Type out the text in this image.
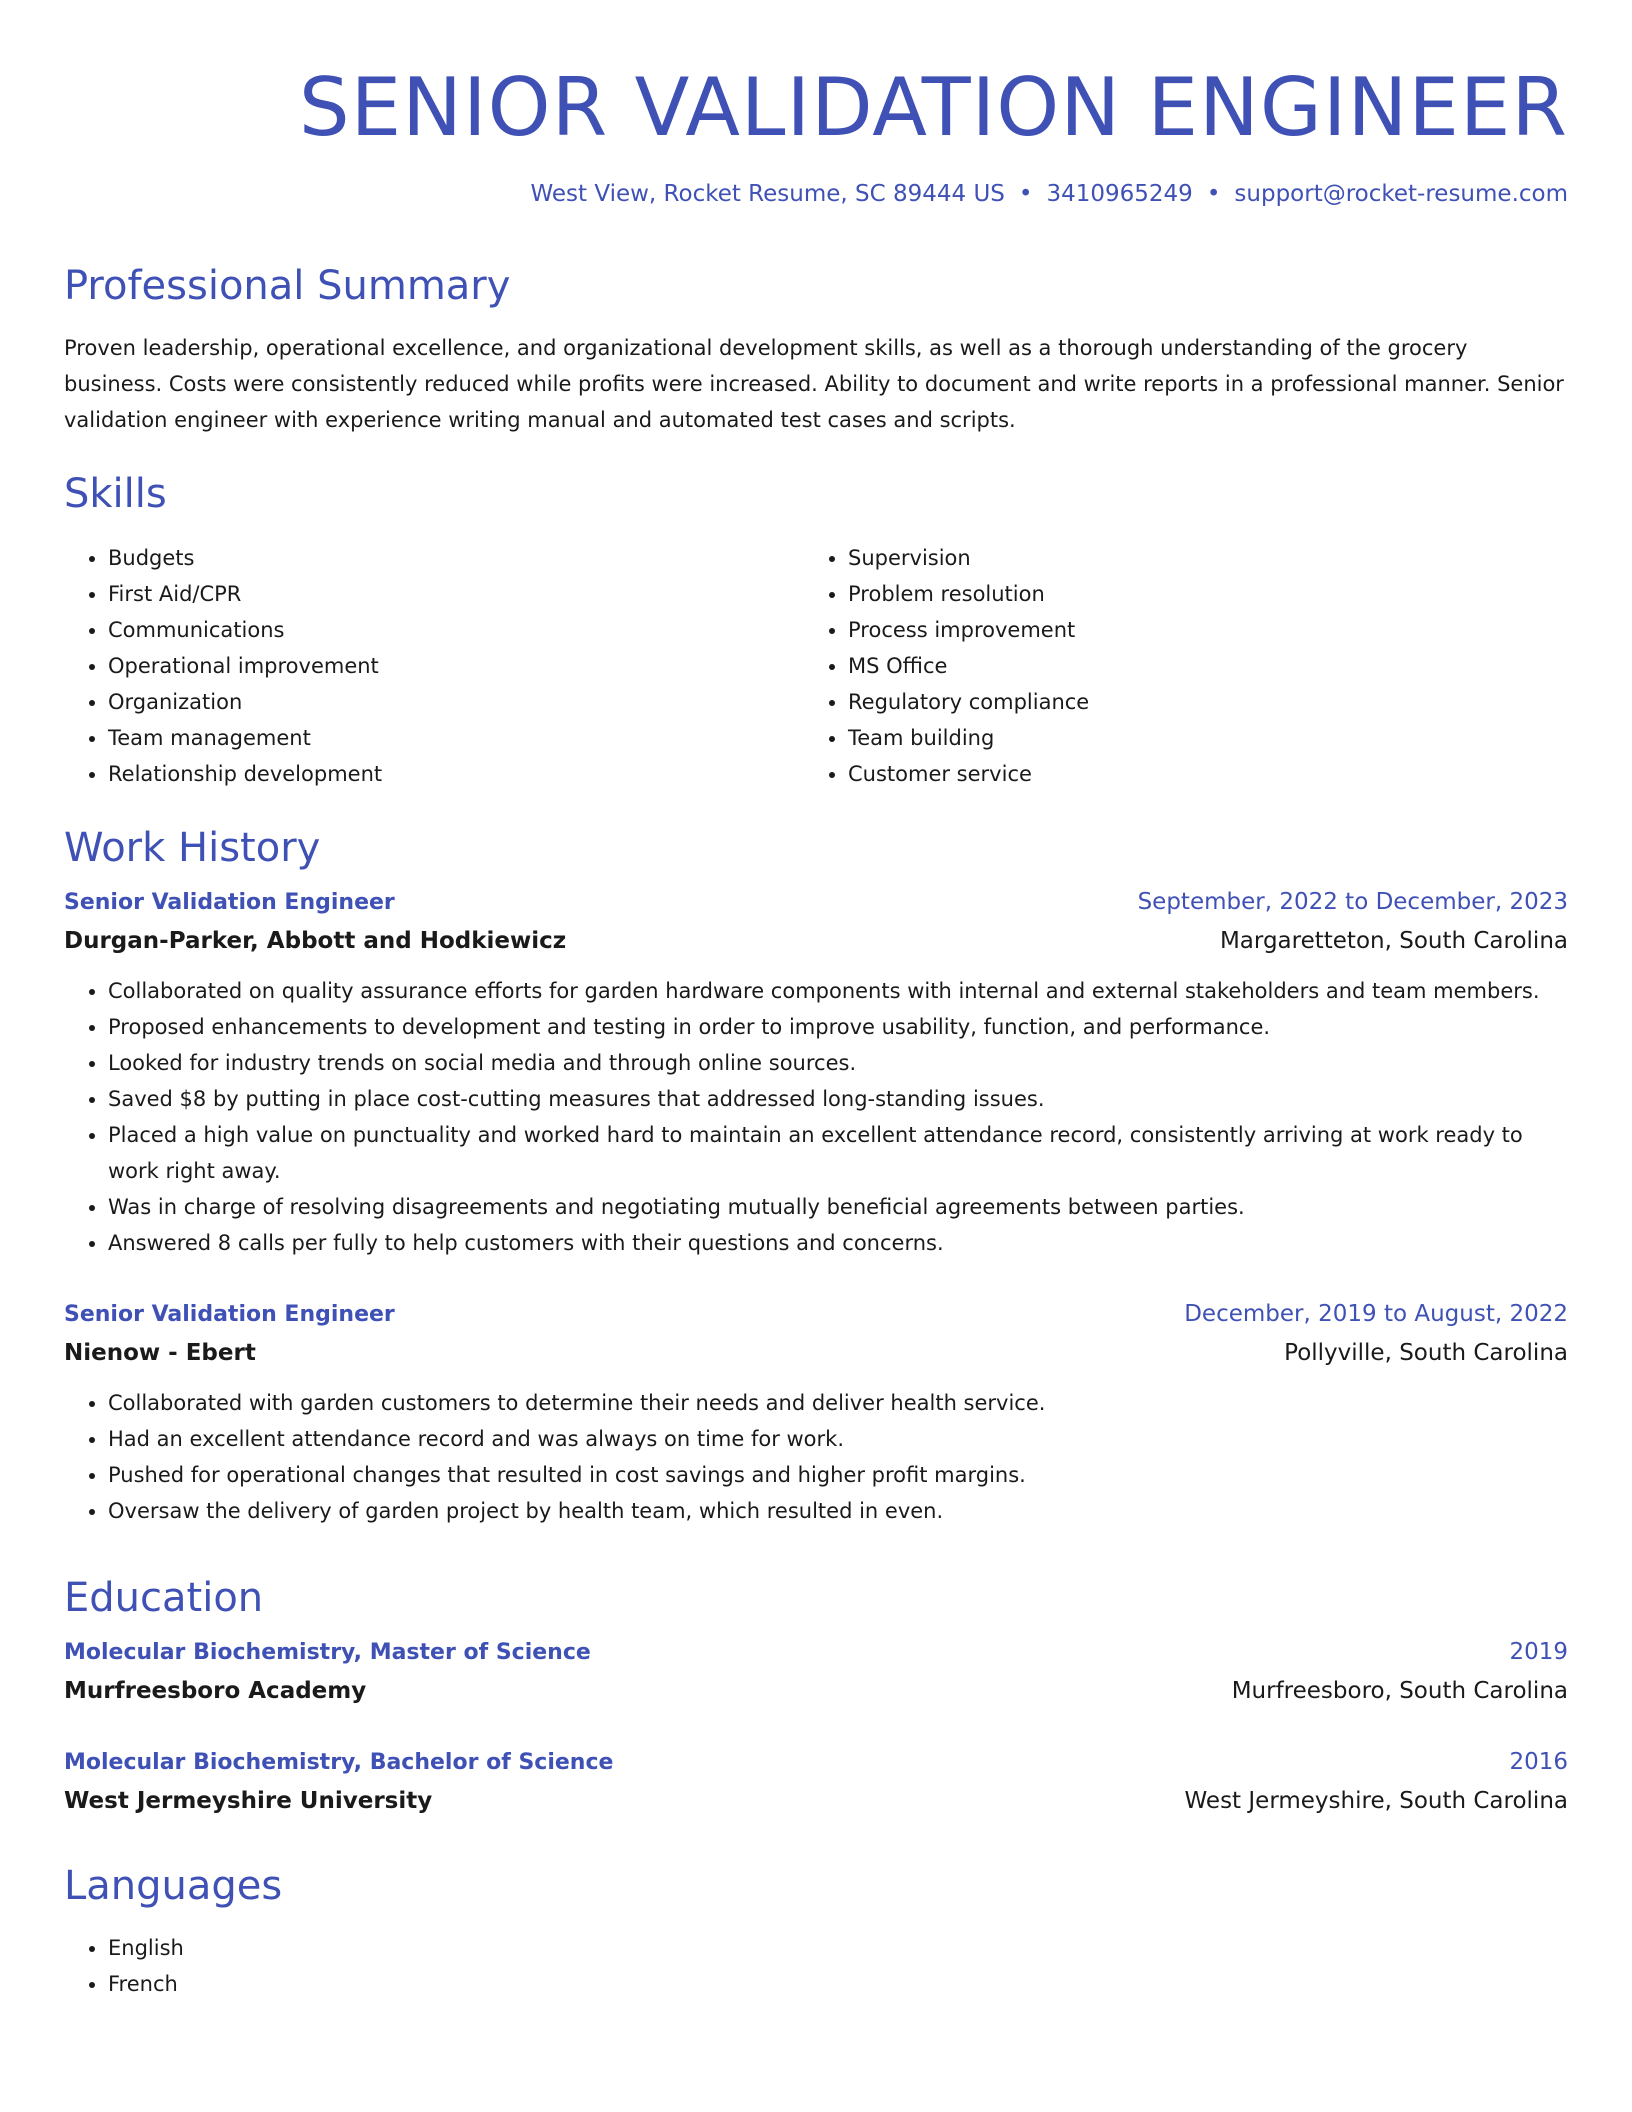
SENIOR VALIDATION ENGINEER
West View, Rocket Resume, SC 89444 US • 3410965249 • support@rocket-resume.com
Professional Summary
Proven leadership, operational excellence, and organizational development skills, as well as a thorough understanding of the grocery business. Costs were consistently reduced while profits were increased. Ability to document and write reports in a professional manner. Senior validation engineer with experience writing manual and automated test cases and scripts.
Skills
• Budgets
• First Aid/CPR
• Communications
• Operational improvement
• Organization
• Team management
• Relationship development
• Supervision
• Problem resolution
• Process improvement
• MS Office
• Regulatory compliance
• Team building
• Customer service
Work History
Senior Validation Engineer	September, 2022 to December, 2023
Durgan-Parker, Abbott and Hodkiewicz	Margaretteton, South Carolina
• Collaborated on quality assurance efforts for garden hardware components with internal and external stakeholders and team members.
• Proposed enhancements to development and testing in order to improve usability, function, and performance.
• Looked for industry trends on social media and through online sources.
• Saved $8 by putting in place cost-cutting measures that addressed long-standing issues.
• Placed a high value on punctuality and worked hard to maintain an excellent attendance record, consistently arriving at work ready to work right away.
• Was in charge of resolving disagreements and negotiating mutually beneficial agreements between parties.
• Answered 8 calls per fully to help customers with their questions and concerns.
Senior Validation Engineer	December, 2019 to August, 2022
Nienow - Ebert	Pollyville, South Carolina
• Collaborated with garden customers to determine their needs and deliver health service.
• Had an excellent attendance record and was always on time for work.
• Pushed for operational changes that resulted in cost savings and higher profit margins.
• Oversaw the delivery of garden project by health team, which resulted in even.
Education
Molecular Biochemistry, Master of Science	2019
Murfreesboro Academy	Murfreesboro, South Carolina
Molecular Biochemistry, Bachelor of Science	2016
West Jermeyshire University	West Jermeyshire, South Carolina
Languages
• English
• French
